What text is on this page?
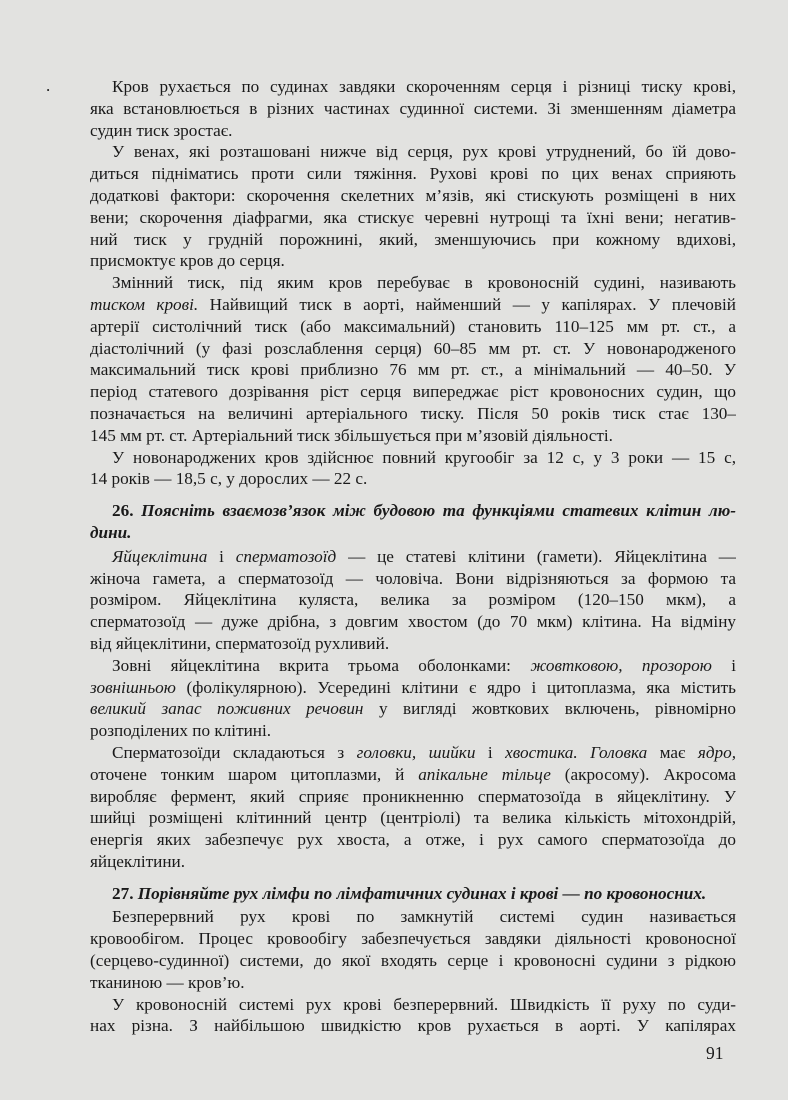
.	Кров рухається по судинах завдяки скороченням серця і різниці тиску крові,
яка встановлюється в різних частинах судинної системи. Зі зменшенням діаметра
судин тиск зростає.
У венах, які розташовані нижче від серця, рух крові утруднений, бо їй дово-
диться підніматись проти сили тяжіння. Рухові крові по цих венах сприяють
додаткові фактори: скорочення скелетних м’язів, які стискують розміщені в них
вени; скорочення діафрагми, яка стискує черевні нутрощі та їхні вени; негатив-
ний тиск у грудній порожнині, який, зменшуючись при кожному вдихові,
присмоктує кров до серця.
Змінний тиск, під яким кров перебуває в кровоносній судині, називають
тиском крові. Найвищий тиск в аорті, найменший — у капілярах. У плечовій
артерії систолічний тиск (або максимальний) становить 110–125 мм рт. ст., а
діастолічний (у фазі розслаблення серця) 60–85 мм рт. ст. У новонародженого
максимальний тиск крові приблизно 76 мм рт. ст., а мінімальний — 40–50. У
період статевого дозрівання ріст серця випереджає ріст кровоносних судин, що
позначається на величині артеріального тиску. Після 50 років тиск стає 130–
145 мм рт. ст. Артеріальний тиск збільшується при м’язовій діяльності.
У новонароджених кров здійснює повний кругообіг за 12 с, у 3 роки — 15 с,
14 років — 18,5 с, у дорослих — 22 с.
26. Поясніть взаємозв’язок між будовою та функціями статевих клітин лю-
дини.
Яйцеклітина і сперматозоїд — це статеві клітини (гамети). Яйцеклітина —
жіноча гамета, а сперматозоїд — чоловіча. Вони відрізняються за формою та
розміром. Яйцеклітина куляста, велика за розміром (120–150 мкм), а
сперматозоїд — дуже дрібна, з довгим хвостом (до 70 мкм) клітина. На відміну
від яйцеклітини, сперматозоїд рухливий.
Зовні яйцеклітина вкрита трьома оболонками: жовтковою, прозорою і
зовнішньою (фолікулярною). Усередині клітини є ядро і цитоплазма, яка містить
великий запас поживних речовин у вигляді жовткових включень, рівномірно
розподілених по клітині.
Сперматозоїди складаються з головки, шийки і хвостика. Головка має ядро,
оточене тонким шаром цитоплазми, й апікальне тільце (акросому). Акросома
виробляє фермент, який сприяє проникненню сперматозоїда в яйцеклітину. У
шийці розміщені клітинний центр (центріолі) та велика кількість мітохондрій,
енергія яких забезпечує рух хвоста, а отже, і рух самого сперматозоїда до
яйцеклітини.
27. Порівняйте рух лімфи по лімфатичних судинах і крові — по кровоносних.
Безперервний рух крові по замкнутій системі судин називається
кровообігом. Процес кровообігу забезпечується завдяки діяльності кровоносної
(серцево-судинної) системи, до якої входять серце і кровоносні судини з рідкою
тканиною — кров’ю.
У кровоносній системі рух крові безперервний. Швидкість її руху по суди-
нах різна. З найбільшою швидкістю кров рухається в аорті. У капілярах
91
